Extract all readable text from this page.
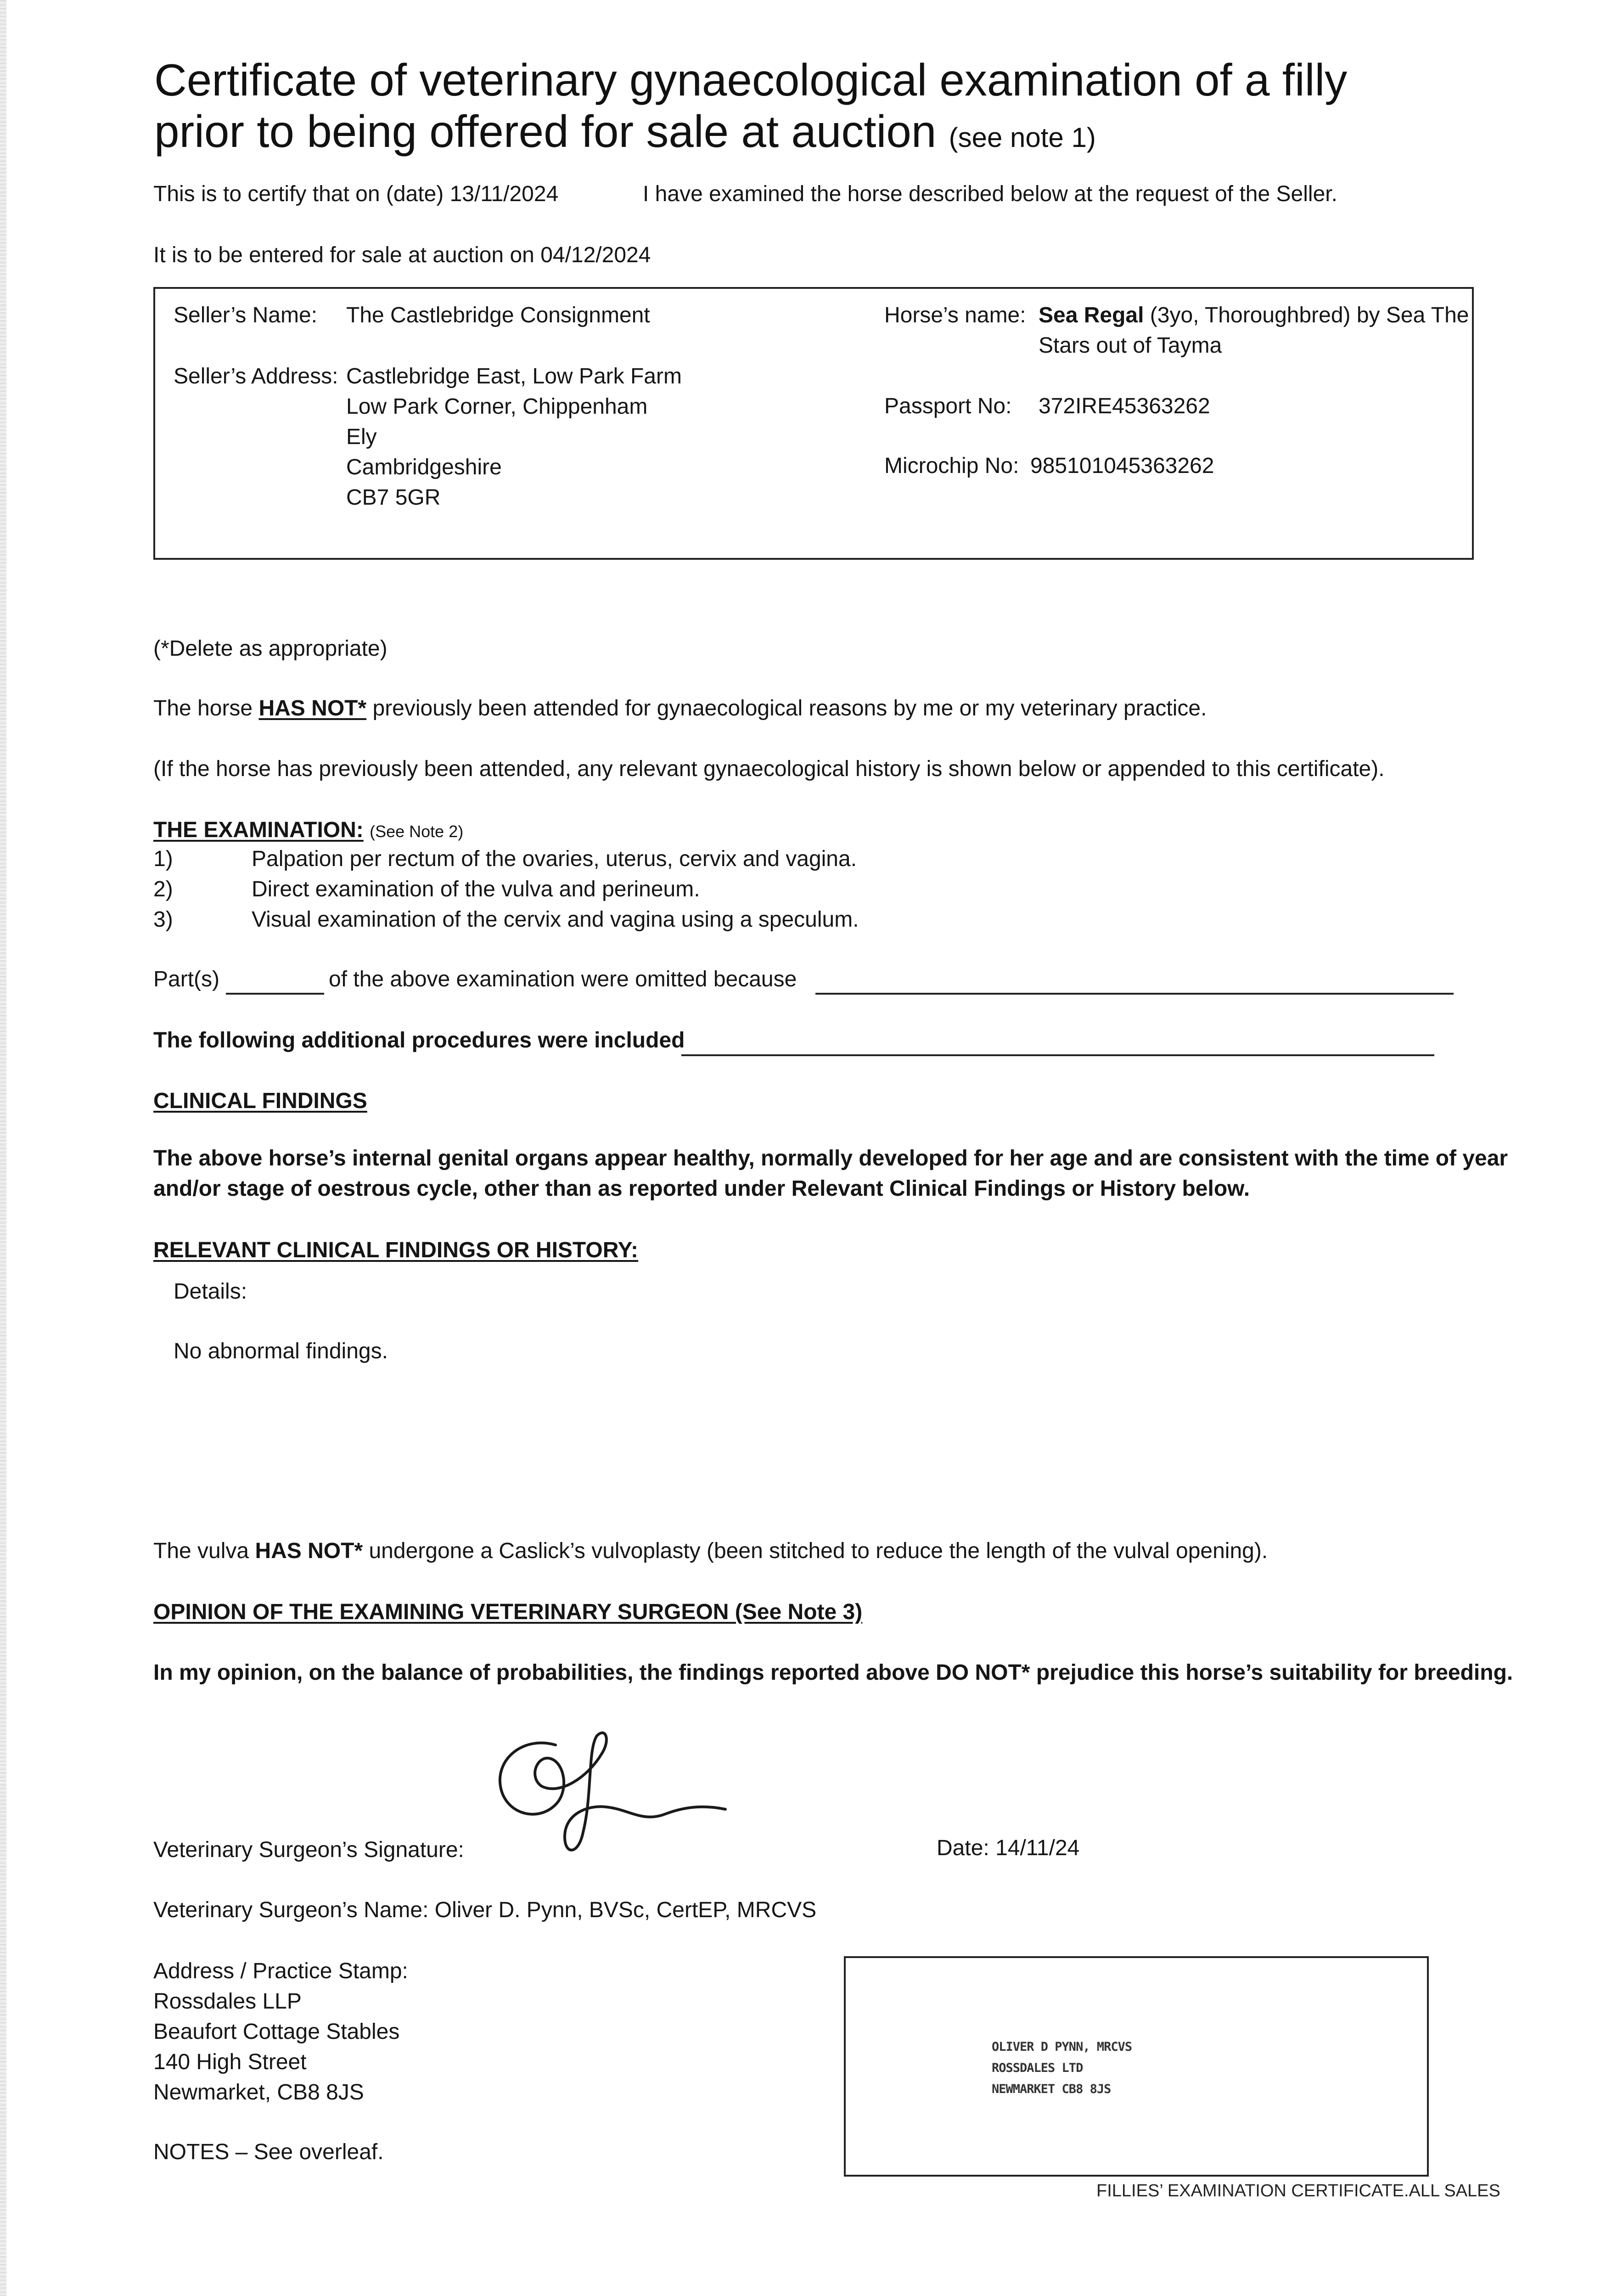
Certificate of veterinary gynaecological examination of a filly
prior to being offered for sale at auction (see note 1)
This is to certify that on (date) 13/11/2024	I have examined the horse described below at the request of the Seller.
It is to be entered for sale at auction on 04/12/2024
Seller’s Name: The Castlebridge Consignment
Seller’s Address: Castlebridge East, Low Park Farm
Low Park Corner, Chippenham
Ely
Cambridgeshire
CB7 5GR
Horse’s name: Sea Regal (3yo, Thoroughbred) by Sea The
Stars out of Tayma
Passport No: 372IRE45363262
Microchip No: 985101045363262
(*Delete as appropriate)
The horse HAS NOT* previously been attended for gynaecological reasons by me or my veterinary practice.
(If the horse has previously been attended, any relevant gynaecological history is shown below or appended to this certificate).
THE EXAMINATION: (See Note 2)
1)	Palpation per rectum of the ovaries, uterus, cervix and vagina.
2)	Direct examination of the vulva and perineum.
3)	Visual examination of the cervix and vagina using a speculum.
Part(s)	of the above examination were omitted because
The following additional procedures were included
CLINICAL FINDINGS
The above horse’s internal genital organs appear healthy, normally developed for her age and are consistent with the time of year
and/or stage of oestrous cycle, other than as reported under Relevant Clinical Findings or History below.
RELEVANT CLINICAL FINDINGS OR HISTORY:
Details:
No abnormal findings.
The vulva HAS NOT* undergone a Caslick’s vulvoplasty (been stitched to reduce the length of the vulval opening).
OPINION OF THE EXAMINING VETERINARY SURGEON (See Note 3)
In my opinion, on the balance of probabilities, the findings reported above DO NOT* prejudice this horse’s suitability for breeding.
Veterinary Surgeon’s Signature:	Date: 14/11/24
Veterinary Surgeon’s Name: Oliver D. Pynn, BVSc, CertEP, MRCVS
Address / Practice Stamp:
Rossdales LLP
Beaufort Cottage Stables
140 High Street
Newmarket, CB8 8JS
OLIVER D PYNN, MRCVS
ROSSDALES LTD
NEWMARKET CB8 8JS
NOTES – See overleaf.
FILLIES’ EXAMINATION CERTIFICATE.ALL SALES
